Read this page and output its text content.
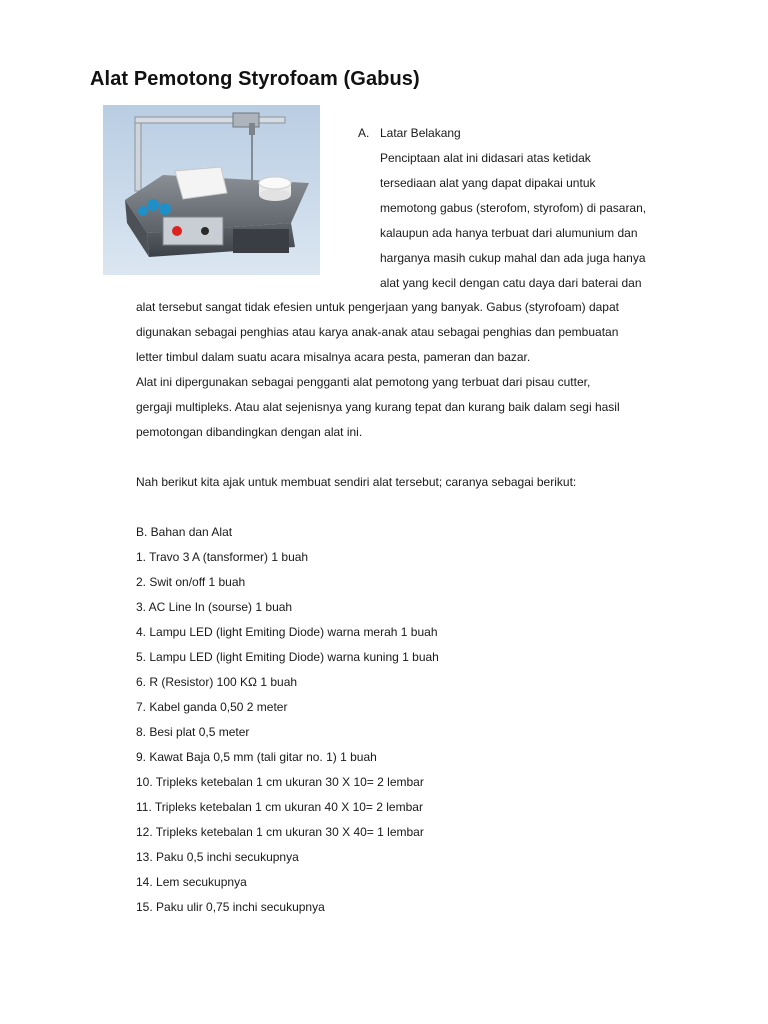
Alat Pemotong Styrofoam (Gabus)
A. Latar Belakang
Penciptaan alat ini didasari atas ketidak
tersediaan alat yang dapat dipakai untuk
memotong gabus (sterofom, styrofom) di pasaran,
kalaupun ada hanya terbuat dari alumunium dan
harganya masih cukup mahal dan ada juga hanya
alat yang kecil dengan catu daya dari baterai dan
alat tersebut sangat tidak efesien untuk pengerjaan yang banyak. Gabus (styrofoam) dapat
digunakan sebagai penghias atau karya anak-anak atau sebagai penghias dan pembuatan
letter timbul dalam suatu acara misalnya acara pesta, pameran dan bazar.
Alat ini dipergunakan sebagai pengganti alat pemotong yang terbuat dari pisau cutter,
gergaji multipleks. Atau alat sejenisnya yang kurang tepat dan kurang baik dalam segi hasil
pemotongan dibandingkan dengan alat ini.
Nah berikut kita ajak untuk membuat sendiri alat tersebut; caranya sebagai berikut:
B. Bahan dan Alat
1. Travo 3 A (tansformer) 1 buah
2. Swit on/off 1 buah
3. AC Line In (sourse) 1 buah
4. Lampu LED (light Emiting Diode) warna merah 1 buah
5. Lampu LED (light Emiting Diode) warna kuning 1 buah
6. R (Resistor) 100 KΩ 1 buah
7. Kabel ganda 0,50 2 meter
8. Besi plat 0,5 meter
9. Kawat Baja 0,5 mm (tali gitar no. 1) 1 buah
10. Tripleks ketebalan 1 cm ukuran 30 X 10= 2 lembar
11. Tripleks ketebalan 1 cm ukuran 40 X 10= 2 lembar
12. Tripleks ketebalan 1 cm ukuran 30 X 40= 1 lembar
13. Paku 0,5 inchi secukupnya
14. Lem secukupnya
15. Paku ulir 0,75 inchi secukupnya
